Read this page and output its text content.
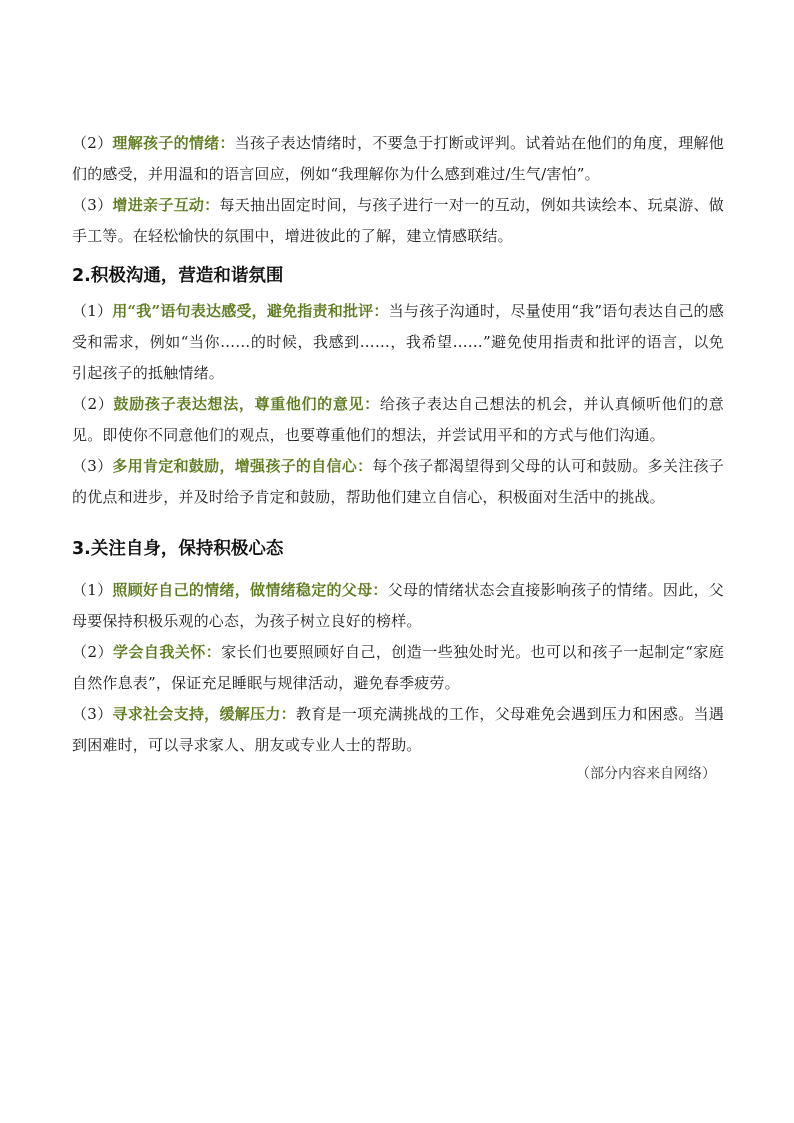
（2）理解孩子的情绪：当孩子表达情绪时，不要急于打断或评判。试着站在他们的角度，理解他们的感受，并用温和的语言回应，例如“我理解你为什么感到难过/生气/害怕”。

（3）增进亲子互动：每天抽出固定时间，与孩子进行一对一的互动，例如共读绘本、玩桌游、做手工等。在轻松愉快的氛围中，增进彼此的了解，建立情感联结。

2.积极沟通，营造和谐氛围

（1）用“我”语句表达感受，避免指责和批评：当与孩子沟通时，尽量使用“我”语句表达自己的感受和需求，例如“当你……的时候，我感到……，我希望……”避免使用指责和批评的语言，以免引起孩子的抵触情绪。

（2）鼓励孩子表达想法，尊重他们的意见：给孩子表达自己想法的机会，并认真倾听他们的意见。即使你不同意他们的观点，也要尊重他们的想法，并尝试用平和的方式与他们沟通。

（3）多用肯定和鼓励，增强孩子的自信心：每个孩子都渴望得到父母的认可和鼓励。多关注孩子的优点和进步，并及时给予肯定和鼓励，帮助他们建立自信心，积极面对生活中的挑战。

3.关注自身，保持积极心态

（1）照顾好自己的情绪，做情绪稳定的父母：父母的情绪状态会直接影响孩子的情绪。因此，父母要保持积极乐观的心态，为孩子树立良好的榜样。

（2）学会自我关怀：家长们也要照顾好自己，创造一些独处时光。也可以和孩子一起制定“家庭自然作息表”，保证充足睡眠与规律活动，避免春季疲劳。

（3）寻求社会支持，缓解压力：教育是一项充满挑战的工作，父母难免会遇到压力和困惑。当遇到困难时，可以寻求家人、朋友或专业人士的帮助。

（部分内容来自网络）
